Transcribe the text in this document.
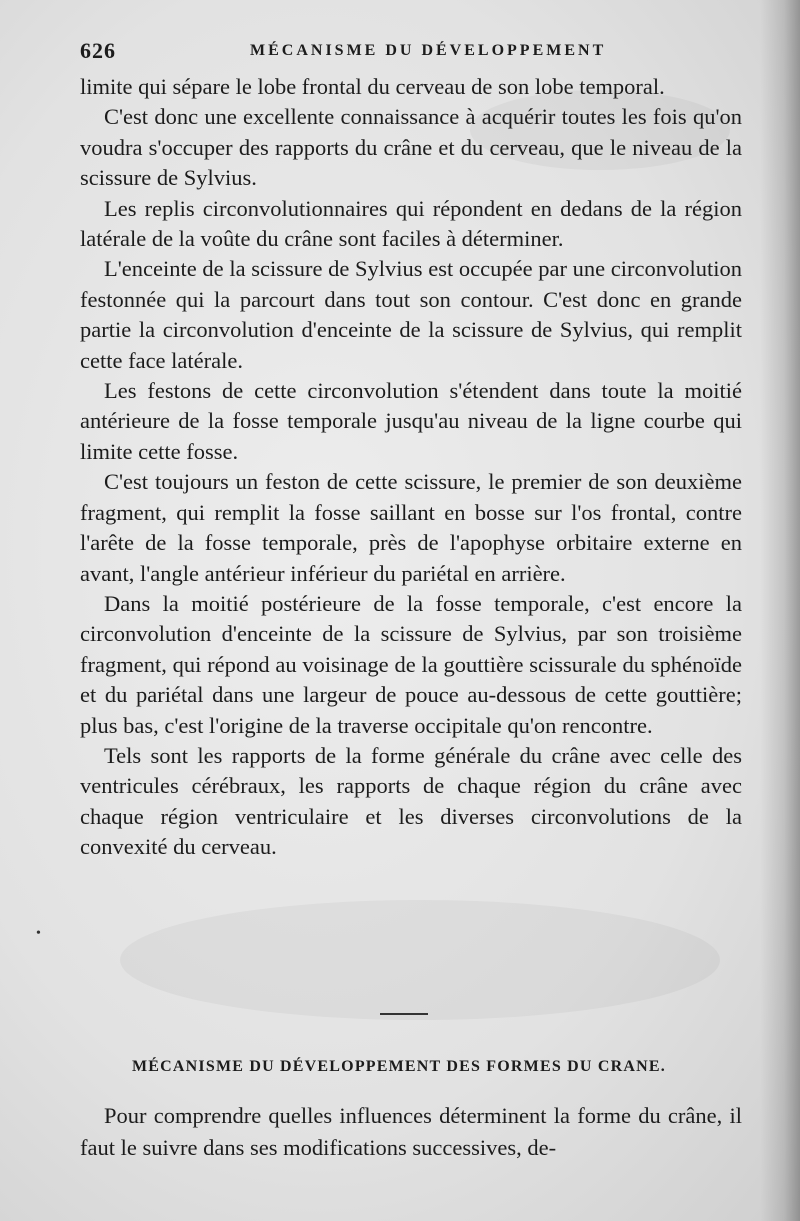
626	MÉCANISME DU DÉVELOPPEMENT

limite qui sépare le lobe frontal du cerveau de son lobe temporal.

C'est donc une excellente connaissance à acquérir toutes les fois qu'on voudra s'occuper des rapports du crâne et du cerveau, que le niveau de la scissure de Sylvius.

Les replis circonvolutionnaires qui répondent en dedans de la région latérale de la voûte du crâne sont faciles à déterminer.

L'enceinte de la scissure de Sylvius est occupée par une circonvolution festonnée qui la parcourt dans tout son contour. C'est donc en grande partie la circonvolution d'enceinte de la scissure de Sylvius, qui remplit cette face latérale.

Les festons de cette circonvolution s'étendent dans toute la moitié antérieure de la fosse temporale jusqu'au niveau de la ligne courbe qui limite cette fosse.

C'est toujours un feston de cette scissure, le premier de son deuxième fragment, qui remplit la fosse saillant en bosse sur l'os frontal, contre l'arête de la fosse temporale, près de l'apophyse orbitaire externe en avant, l'angle antérieur inférieur du pariétal en arrière.

Dans la moitié postérieure de la fosse temporale, c'est encore la circonvolution d'enceinte de la scissure de Sylvius, par son troisième fragment, qui répond au voisinage de la gouttière scissurale du sphénoïde et du pariétal dans une largeur de pouce au-dessous de cette gouttière; plus bas, c'est l'origine de la traverse occipitale qu'on rencontre.

Tels sont les rapports de la forme générale du crâne avec celle des ventricules cérébraux, les rapports de chaque région du crâne avec chaque région ventriculaire et les diverses circonvolutions de la convexité du cerveau.

•
MÉCANISME DU DÉVELOPPEMENT DES FORMES DU CRANE.

Pour comprendre quelles influences déterminent la forme du crâne, il faut le suivre dans ses modifications successives, de-
